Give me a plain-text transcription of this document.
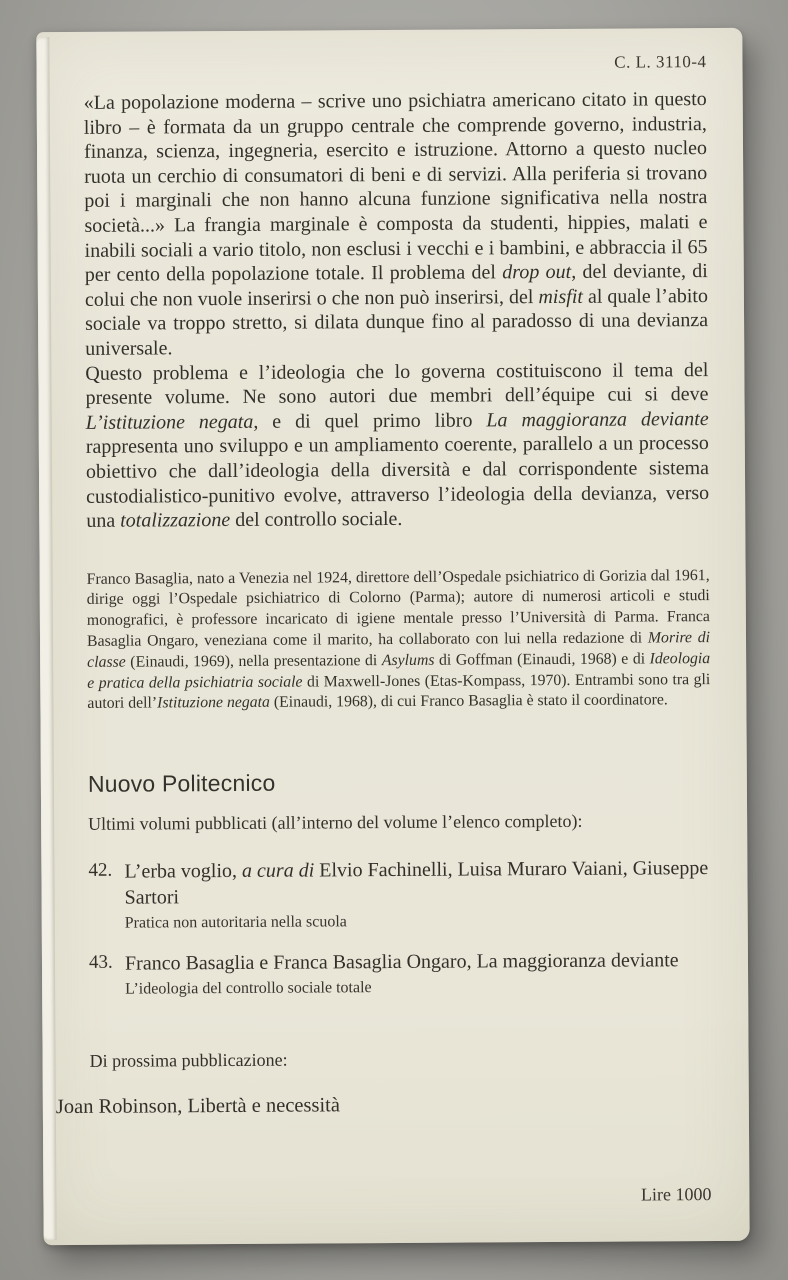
C. L. 3110-4

«La popolazione moderna – scrive uno psichiatra americano citato in questo libro – è formata da un gruppo centrale che comprende governo, industria, finanza, scienza, ingegneria, esercito e istruzione. Attorno a questo nucleo ruota un cerchio di consumatori di beni e di servizi. Alla periferia si trovano poi i marginali che non hanno alcuna funzione significativa nella nostra società...» La frangia marginale è composta da studenti, hippies, malati e inabili sociali a vario titolo, non esclusi i vecchi e i bambini, e abbraccia il 65 per cento della popolazione totale. Il problema del drop out, del deviante, di colui che non vuole inserirsi o che non può inserirsi, del misfit al quale l’abito sociale va troppo stretto, si dilata dunque fino al paradosso di una devianza universale.

Questo problema e l’ideologia che lo governa costituiscono il tema del presente volume. Ne sono autori due membri dell’équipe cui si deve L’istituzione negata, e di quel primo libro La maggioranza deviante rappresenta uno sviluppo e un ampliamento coerente, parallelo a un processo obiettivo che dall’ideologia della diversità e dal corrispondente sistema custodialistico-punitivo evolve, attraverso l’ideologia della devianza, verso una totalizzazione del controllo sociale.

Franco Basaglia, nato a Venezia nel 1924, direttore dell’Ospedale psichiatrico di Gorizia dal 1961, dirige oggi l’Ospedale psichiatrico di Colorno (Parma); autore di numerosi articoli e studi monografici, è professore incaricato di igiene mentale presso l’Università di Parma. Franca Basaglia Ongaro, veneziana come il marito, ha collaborato con lui nella redazione di Morire di classe (Einaudi, 1969), nella presentazione di Asylums di Goffman (Einaudi, 1968) e di Ideologia e pratica della psichiatria sociale di Maxwell-Jones (Etas-Kompass, 1970). Entrambi sono tra gli autori dell’Istituzione negata (Einaudi, 1968), di cui Franco Basaglia è stato il coordinatore.
Nuovo Politecnico

Ultimi volumi pubblicati (all’interno del volume l’elenco completo):

42. L’erba voglio, a cura di Elvio Fachinelli, Luisa Muraro Vaiani, Giuseppe Sartori
Pratica non autoritaria nella scuola
43. Franco Basaglia e Franca Basaglia Ongaro, La maggioranza deviante
L’ideologia del controllo sociale totale

Di prossima pubblicazione:

Joan Robinson, Libertà e necessità

Lire 1000
